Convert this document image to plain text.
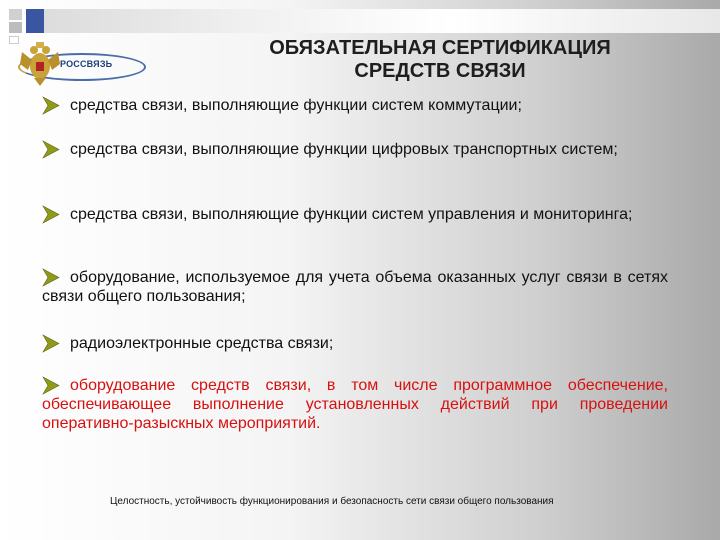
РОССВЯЗЬ
ОБЯЗАТЕЛЬНАЯ СЕРТИФИКАЦИЯ
СРЕДСТВ СВЯЗИ
средства связи, выполняющие функции систем коммутации;
средства связи, выполняющие функции цифровых транспортных систем;
средства связи, выполняющие функции систем управления и мониторинга;
оборудование, используемое для учета объема оказанных услуг связи в сетях связи общего пользования;
радиоэлектронные средства связи;
оборудование средств связи, в том числе программное обеспечение, обеспечивающее выполнение установленных действий при проведении оперативно-разыскных мероприятий.
Целостность, устойчивость функционирования и безопасность сети связи общего пользования
